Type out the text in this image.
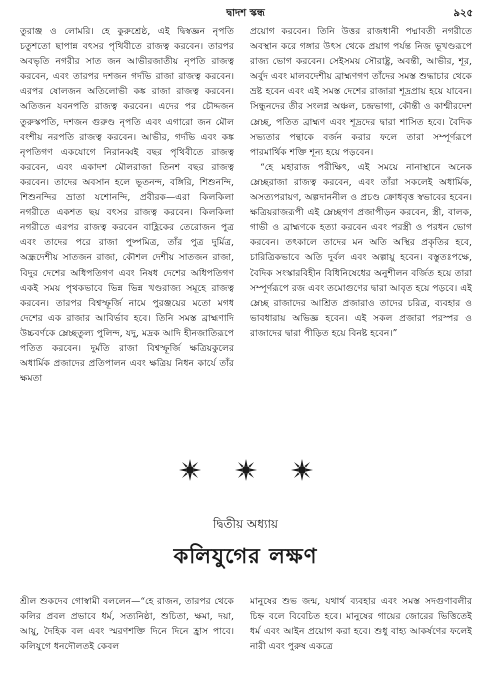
দ্বাদশ স্কন্ধ	৯২৫

তুরাঞ্জ ও লোমরি। হে কুরুশ্রেষ্ঠ, এই দ্বিস্বজ্ঞন নৃপতি চতুশতো ছাপান্ন বৎসর পৃথিবীতে রাজত্ব করবেন। তারপর অবভৃতি নগরীর সাত জন আভীরজাতীয় নৃপতি রাজত্ব করবেন, এবং তারপর দশজন গর্দভি রাজা রাজত্ব করবেন। এরপর ষোলজন অতিলোভী কঙ্ক রাজা রাজত্ব করবেন। অতিজন যবনপতি রাজত্ব করবেন। এদের পর চৌদ্দজন তুরুস্কপতি, দশজন গুরুণ্ড নৃপতি এবং এগারো জন মৌল বংশীয় নরপতি রাজত্ব করবেন। আভীর, গর্দভি এবং কঙ্ক নৃপতিগণ একযোগে নিরানব্বই বছর পৃথিবীতে রাজত্ব করবেন, এবং একাদশ মৌলরাজা তিনশ বছর রাজত্ব করবেন। তাদের অবসান হলে ভূতনন্দ, বঙ্গিরি, শিশুনন্দি, শিশুনন্দির ভ্রাতা যশোনন্দি, প্রবীরক—এরা কিলকিলা নগরীতে একশত ছয় বৎসর রাজত্ব করবেন। কিলকিলা নগরীতে এরপর রাজত্ব করবেন বাহ্লিকের তেরোজন পুত্র এবং তাদের পরে রাজা পুষ্পমিত্র, তাঁর পুত্র দুর্মিত্র, অন্ধ্রদেশীয় সাতজন রাজা, কৌশল দেশীয় সাতজন রাজা, বিদুর দেশের অধিপতিগণ এবং নিষধ দেশের অধিপতিগণ একই সময় পৃথকভাবে ভিন্ন ভিন্ন খণ্ডরাজ্য সমূহে রাজত্ব করবেন। তারপর বিশ্বস্ফূর্জি নামে পুরঞ্জয়ের মতো মগধ দেশের এক রাজার আবির্ভাব হবে। তিনি সমস্ত ব্রাহ্মণাদি উচ্চবর্ণকে ম্লেচ্ছতুল্য পুলিন্দ, যদু, মদ্রক আদি হীনজাতিরূপে পতিত করবেন। দুর্মতি রাজা বিশ্বস্ফূর্জি ক্ষত্রিয়কুলের অধার্মিক প্রজাদের প্রতিপালন এবং ক্ষত্রিয় নিধন কার্যে তাঁর ক্ষমতা

প্রয়োগ করবেন। তিনি উত্তর রাজধানী পদ্মাবতী নগরীতে অবস্থান করে গঙ্গার উৎস থেকে প্রয়াগ পর্যন্ত নিজ ভূখণ্ডরূপে রাজ্য ভোগ করবেন। সেইসময় সৌরাষ্ট্র, অবন্তী, আভীর, শূর, অর্বুদ এবং মালবদেশীয় ব্রাহ্মণগণ তাঁদের সমস্ত শুদ্ধাচার থেকে ভ্রষ্ট হবেন এবং এই সমস্ত দেশের রাজারা শূদ্রপ্রায় হয়ে যাবেন। সিন্ধুনদের তীর সংলগ্ন অঞ্চল, চন্দ্রভাগা, কৌন্তী ও কাশ্মীরদেশ ম্লেচ্ছ, পতিত ব্রাহ্মণ এবং শূদ্রদের দ্বারা শাসিত হবে। বৈদিক সভ্যতার পন্থাকে বর্জন করার ফলে তারা সম্পূর্ণরূপে পারমার্থিক শক্তি শূন্য হয়ে পড়বেন।

“হে মহারাজ পরীক্ষিৎ, এই সময়ে নানাস্থানে অনেক ম্লেচ্ছরাজা রাজত্ব করবেন, এবং তাঁরা সকলেই অধার্মিক, অসত্যপরায়ণ, অল্পদাননীল ও প্রচণ্ড ক্রোধবৃত্ত স্বভাবের হবেন। ক্ষত্রিয়রাজরূপী এই ম্লেচ্ছগণ প্রজাপীড়ন করবেন, স্ত্রী, বালক, গাভী ও ব্রাহ্মণকে হত্যা করবেন এবং পরস্ত্রী ও পরধন ভোগ করবেন। তৎকালে তাদের মন অতি অস্থির প্রকৃতির হবে, চারিত্রিকভাবে অতি দুর্বল এবং অল্পায়ু হবেন। বস্তুতঃপক্ষে, বৈদিক সংস্কারবিহীন বিধিনিষেধের অনুশীলন বর্জিত হয়ে তারা সম্পূর্ণরূপে রজ এবং তমোগুণের দ্বারা আবৃত হয়ে পড়বে। এই ম্লেচ্ছ রাজাদের আশ্রিত প্রজারাও তাদের চরিত্র, ব্যবহার ও ভাবধারায় অভিজ্ঞ হবেন। এই সকল প্রজারা পরস্পর ও রাজাদের দ্বারা পীড়িত হয়ে বিনষ্ট হবেন।”

দ্বিতীয় অধ্যায়
কলিযুগের লক্ষণ

শ্রীল শুকদেব গোস্বামী বললেন—“হে রাজন, তারপর থেকে কলির প্রবল প্রভাবে ধর্ম, সত্যনিষ্ঠা, শুচিতা, ক্ষমা, দয়া, আয়ু, দৈহিক বল এবং স্মরণশক্তি দিনে দিনে হ্রাস পাবে। কলিযুগে ধনদৌলতই কেবল

মানুষের শুভ জন্ম, যথার্থ ব্যবহার এবং সমস্ত সদগুণাবলীর চিহ্ন বলে বিবেচিত হবে। মানুষের গায়ের জোরের ভিত্তিতেই ধর্ম এবং আইন প্রয়োগ করা হবে। শুধু বাহ্য আকর্ষণের ফলেই নারী এবং পুরুষ একত্রে
